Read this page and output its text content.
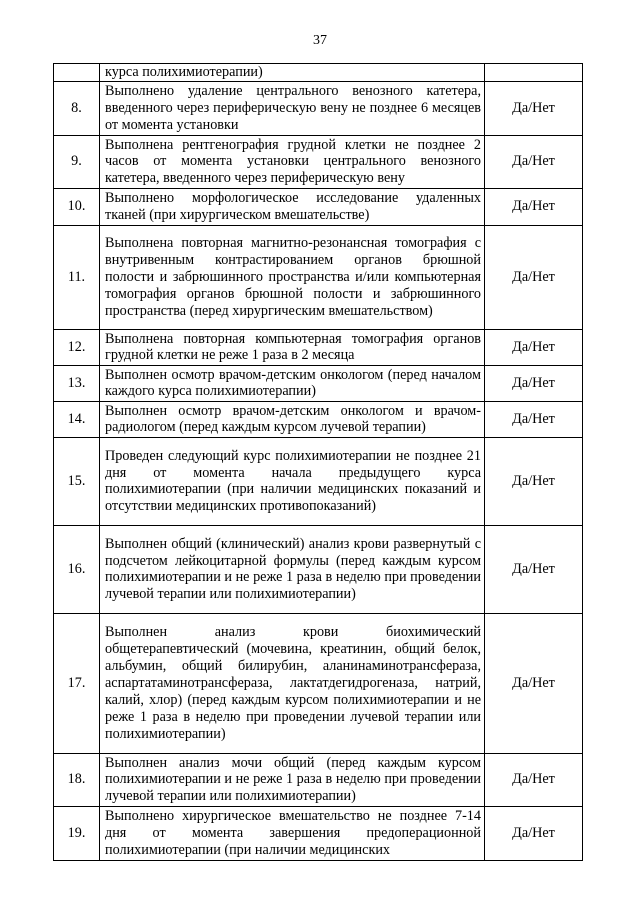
37

	курса полихимиотерапии)	

8.	Выполнено удаление центрального венозного катетера, введенного через периферическую вену не позднее 6 месяцев от момента установки	Да/Нет
9.	Выполнена рентгенография грудной клетки не позднее 2 часов от момента установки центрального венозного катетера, введенного через периферическую вену	Да/Нет
10.	Выполнено морфологическое исследование удаленных тканей (при хирургическом вмешательстве)	Да/Нет
11.	Выполнена повторная магнитно-резонансная томография с внутривенным контрастированием органов брюшной полости и забрюшинного пространства и/или компьютерная томография органов брюшной полости и забрюшинного пространства (перед хирургическим вмешательством)	Да/Нет
12.	Выполнена повторная компьютерная томография органов грудной клетки не реже 1 раза в 2 месяца	Да/Нет
13.	Выполнен осмотр врачом-детским онкологом (перед началом каждого курса полихимиотерапии)	Да/Нет
14.	Выполнен осмотр врачом-детским онкологом и врачом-радиологом (перед каждым курсом лучевой терапии)	Да/Нет
15.	Проведен следующий курс полихимиотерапии не позднее 21 дня от момента начала предыдущего курса полихимиотерапии (при наличии медицинских показаний и отсутствии медицинских противопоказаний)	Да/Нет
16.	Выполнен общий (клинический) анализ крови развернутый с подсчетом лейкоцитарной формулы (перед каждым курсом полихимиотерапии и не реже 1 раза в неделю при проведении лучевой терапии или полихимиотерапии)	Да/Нет
17.	Выполнен анализ крови биохимический общетерапевтический (мочевина, креатинин, общий белок, альбумин, общий билирубин, аланинаминотрансфераза, аспартатаминотрансфераза, лактатдегидрогеназа, натрий, калий, хлор) (перед каждым курсом полихимиотерапии и не реже 1 раза в неделю при проведении лучевой терапии или полихимиотерапии)	Да/Нет
18.	Выполнен анализ мочи общий (перед каждым курсом полихимиотерапии и не реже 1 раза в неделю при проведении лучевой терапии или полихимиотерапии)	Да/Нет
19.	Выполнено хирургическое вмешательство не позднее 7-14 дня от момента завершения предоперационной полихимиотерапии (при наличии медицинских	Да/Нет
